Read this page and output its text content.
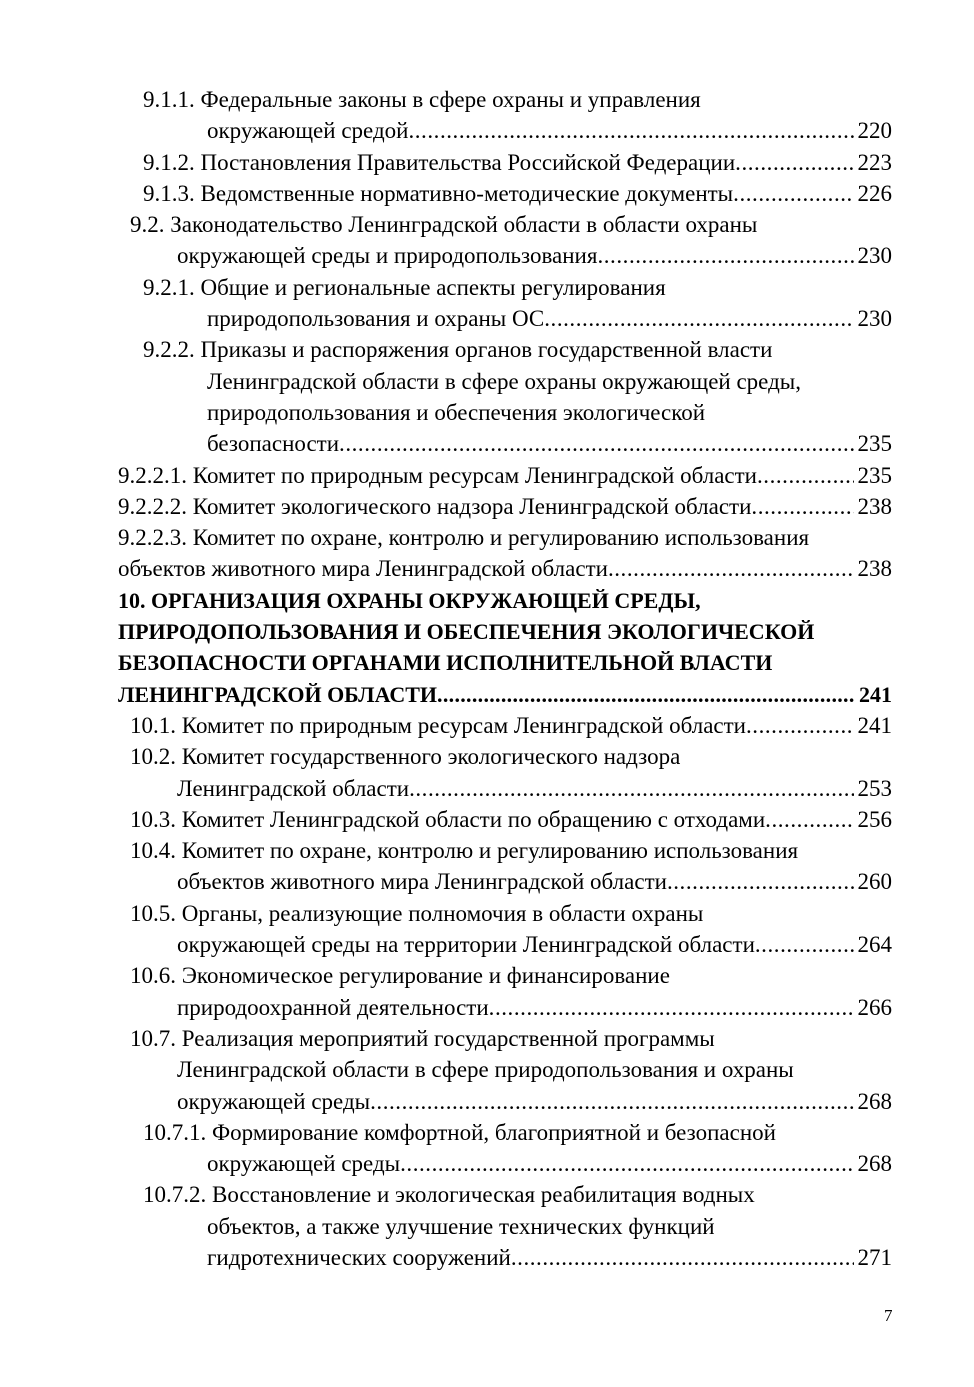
9.1.1. Федеральные законы в сфере охраны и управления
окружающей средой . . .	220
9.1.2. Постановления Правительства Российской Федерации . . .	223
9.1.3. Ведомственные нормативно-методические документы . . .	226
9.2. Законодательство Ленинградской области в области охраны
окружающей среды и природопользования . . .	230
9.2.1. Общие и региональные аспекты регулирования
природопользования и охраны ОС . . .	230
9.2.2. Приказы и распоряжения органов государственной власти
Ленинградской области в сфере охраны окружающей среды,
природопользования и обеспечения экологической
безопасности . . .	235
9.2.2.1. Комитет по природным ресурсам Ленинградской области . . .	235
9.2.2.2. Комитет экологического надзора Ленинградской области . . .	238
9.2.2.3. Комитет по охране, контролю и регулированию использования
объектов животного мира Ленинградской области . . .	238
10. ОРГАНИЗАЦИЯ ОХРАНЫ ОКРУЖАЮЩЕЙ СРЕДЫ,
ПРИРОДОПОЛЬЗОВАНИЯ И ОБЕСПЕЧЕНИЯ ЭКОЛОГИЧЕСКОЙ
БЕЗОПАСНОСТИ ОРГАНАМИ ИСПОЛНИТЕЛЬНОЙ ВЛАСТИ
ЛЕНИНГРАДСКОЙ ОБЛАСТИ . . .	241
10.1. Комитет по природным ресурсам Ленинградской области . . .	241
10.2. Комитет государственного экологического надзора
Ленинградской области . . .	253
10.3. Комитет Ленинградской области по обращению с отходами . . .	256
10.4. Комитет по охране, контролю и регулированию использования
объектов животного мира Ленинградской области . . .	260
10.5. Органы, реализующие полномочия в области охраны
окружающей среды на территории Ленинградской области . . .	264
10.6. Экономическое регулирование и финансирование
природоохранной деятельности . . .	266
10.7. Реализация мероприятий государственной программы
Ленинградской области в сфере природопользования и охраны
окружающей среды . . .	268
10.7.1. Формирование комфортной, благоприятной и безопасной
окружающей среды . . .	268
10.7.2. Восстановление и экологическая реабилитация водных
объектов, а также улучшение технических функций
гидротехнических сооружений . . .	271
7
